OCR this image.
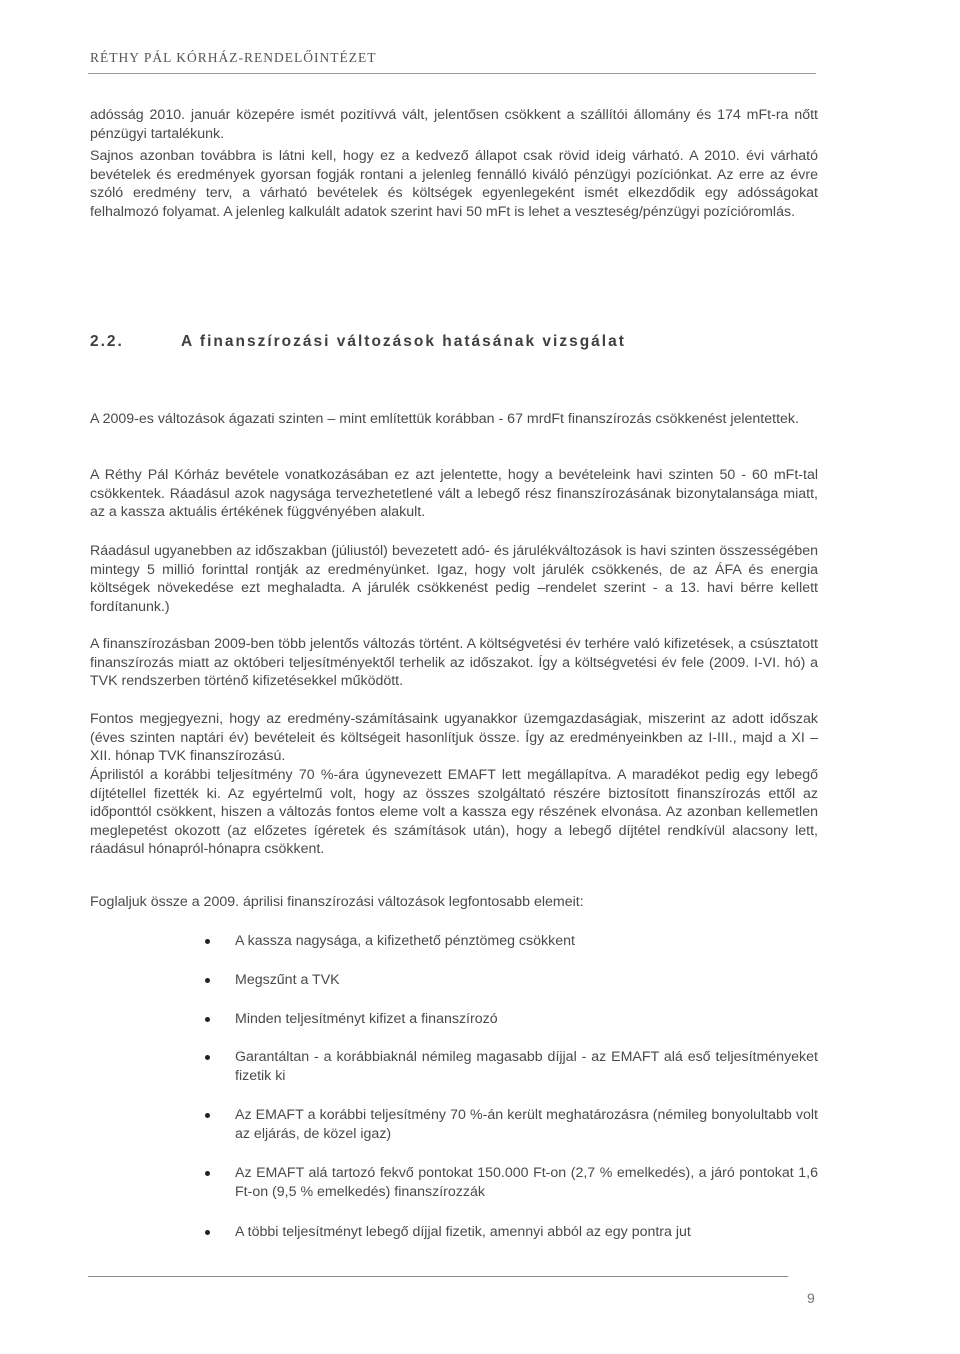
RÉTHY PÁL KÓRHÁZ-RENDELŐINTÉZET
adósság 2010. január közepére ismét pozitívvá vált, jelentősen csökkent a szállítói állomány és 174 mFt-ra nőtt pénzügyi tartalékunk.
Sajnos azonban továbbra is látni kell, hogy ez a kedvező állapot csak rövid ideig várható. A 2010. évi várható bevételek és eredmények gyorsan fogják rontani a jelenleg fennálló kiváló pénzügyi pozíciónkat. Az erre az évre szóló eredmény terv, a várható bevételek és költségek egyenlegeként ismét elkezdődik egy adósságokat felhalmozó folyamat. A jelenleg kalkulált adatok szerint havi 50 mFt is lehet a veszteség/pénzügyi pozícióromlás.
2.2.	A finanszírozási változások hatásának vizsgálat
A 2009-es változások ágazati szinten – mint említettük korábban - 67 mrdFt finanszírozás csökkenést jelentettek.
A Réthy Pál Kórház bevétele vonatkozásában ez azt jelentette, hogy a bevételeink havi szinten 50 - 60 mFt-tal csökkentek. Ráadásul azok nagysága tervezhetetlené vált a lebegő rész finanszírozásának bizonytalansága miatt, az a kassza aktuális értékének függvényében alakult.
Ráadásul ugyanebben az időszakban (júliustól) bevezetett adó- és járulékváltozások is havi szinten összességében mintegy 5 millió forinttal rontják az eredményünket. Igaz, hogy volt járulék csökkenés, de az ÁFA és energia költségek növekedése ezt meghaladta. A járulék csökkenést pedig –rendelet szerint - a 13. havi bérre kellett fordítanunk.)
A finanszírozásban 2009-ben több jelentős változás történt. A költségvetési év terhére való kifizetések, a csúsztatott finanszírozás miatt az októberi teljesítményektől terhelik az időszakot. Így a költségvetési év fele (2009. I-VI. hó) a TVK rendszerben történő kifizetésekkel működött.
Fontos megjegyezni, hogy az eredmény-számításaink ugyanakkor üzemgazdaságiak, miszerint az adott időszak (éves szinten naptári év) bevételeit és költségeit hasonlítjuk össze. Így az eredményeinkben az I-III., majd a XI – XII. hónap TVK finanszírozású.
Áprilistól a korábbi teljesítmény 70 %-ára úgynevezett EMAFT lett megállapítva. A maradékot pedig egy lebegő díjtétellel fizették ki. Az egyértelmű volt, hogy az összes szolgáltató részére biztosított finanszírozás ettől az időponttól csökkent, hiszen a változás fontos eleme volt a kassza egy részének elvonása. Az azonban kellemetlen meglepetést okozott (az előzetes ígéretek és számítások után), hogy a lebegő díjtétel rendkívül alacsony lett, ráadásul hónapról-hónapra csökkent.
Foglaljuk össze a 2009. áprilisi finanszírozási változások legfontosabb elemeit:
A kassza nagysága, a kifizethető pénztömeg csökkent
Megszűnt a TVK
Minden teljesítményt kifizet a finanszírozó
Garantáltan - a korábbiaknál némileg magasabb díjjal - az EMAFT alá eső teljesítményeket fizetik ki
Az EMAFT a korábbi teljesítmény 70 %-án került meghatározásra (némileg bonyolultabb volt az eljárás, de közel igaz)
Az EMAFT alá tartozó fekvő pontokat 150.000 Ft-on (2,7 % emelkedés), a járó pontokat 1,6 Ft-on (9,5 % emelkedés) finanszírozzák
A többi teljesítményt lebegő díjjal fizetik, amennyi abból az egy pontra jut
9
